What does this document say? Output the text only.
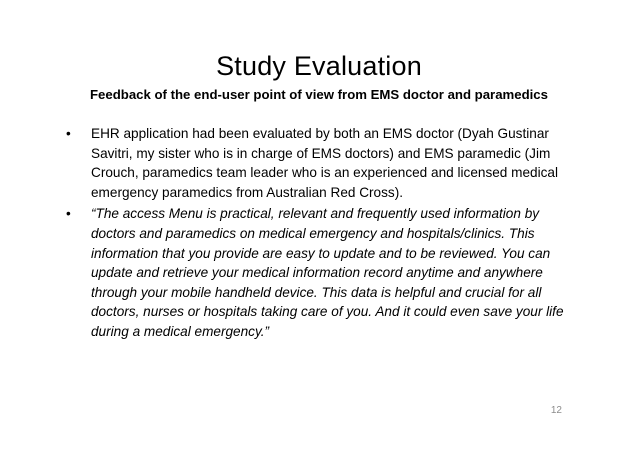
Study Evaluation
Feedback of the end-user point of view from EMS doctor and paramedics
•	EHR application had been evaluated by both an EMS doctor (Dyah Gustinar Savitri, my sister who is in charge of EMS doctors) and EMS paramedic (Jim Crouch, paramedics team leader who is an experienced and licensed medical emergency paramedics from Australian Red Cross).
•	“The access Menu is practical, relevant and frequently used information by doctors and paramedics on medical emergency and hospitals/clinics. This information that you provide are easy to update and to be reviewed. You can update and retrieve your medical information record anytime and anywhere through your mobile handheld device. This data is helpful and crucial for all doctors, nurses or hospitals taking care of you. And it could even save your life during a medical emergency.”
12
